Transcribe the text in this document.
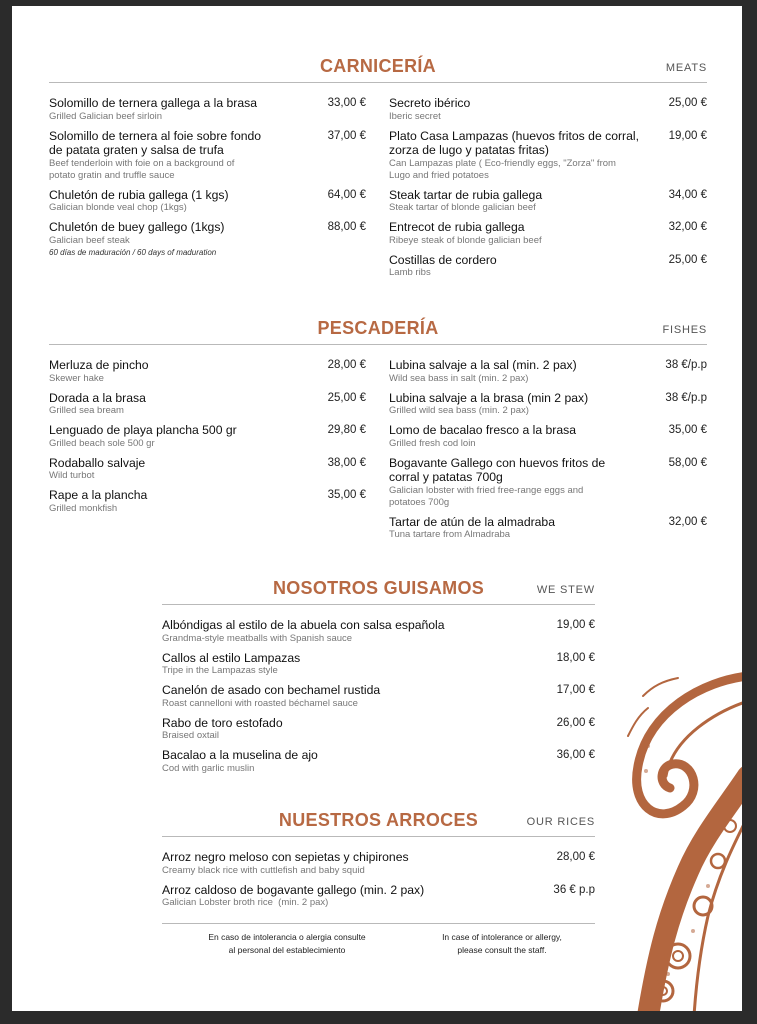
CARNICERÍA	MEATS
Solomillo de ternera gallega a la brasa
Grilled Galician beef sirloin
33,00 €
Solomillo de ternera al foie sobre fondo de patata graten y salsa de trufa
Beef tenderloin with foie on a background of potato gratin and truffle sauce
37,00 €
Chuletón de rubia gallega (1 kgs)
Galician blonde veal chop (1kgs)
64,00 €
Chuletón de buey gallego (1kgs)
Galician beef steak
60 días de maduración / 60 days of maduration
88,00 €
Secreto ibérico
Iberic secret
25,00 €
Plato Casa Lampazas (huevos fritos de corral, zorza de lugo y patatas fritas)
Can Lampazas plate ( Eco-friendly eggs, "Zorza" from Lugo and fried potatoes
19,00 €
Steak tartar de rubia gallega
Steak tartar of blonde galician beef
34,00 €
Entrecot de rubia gallega
Ribeye steak of blonde galician beef
32,00 €
Costillas de cordero
Lamb ribs
25,00 €
PESCADERÍA	FISHES
Merluza de pincho
Skewer hake
28,00 €
Dorada a la brasa
Grilled sea bream
25,00 €
Lenguado de playa plancha 500 gr
Grilled beach sole 500 gr
29,80 €
Rodaballo salvaje
Wild turbot
38,00 €
Rape a la plancha
Grilled monkfish
35,00 €
Lubina salvaje a la sal (min. 2 pax)
Wild sea bass in salt (min. 2 pax)
38 €/p.p
Lubina salvaje a la brasa (min 2 pax)
Grilled wild sea bass (min. 2 pax)
38 €/p.p
Lomo de bacalao fresco a la brasa
Grilled fresh cod loin
35,00 €
Bogavante Gallego con huevos fritos de corral y patatas 700g
Galician lobster with fried free-range eggs and potatoes 700g
58,00 €
Tartar de atún de la almadraba
Tuna tartare from Almadraba
32,00 €
NOSOTROS GUISAMOS	WE STEW
Albóndigas al estilo de la abuela con salsa española
Grandma-style meatballs with Spanish sauce
19,00 €
Callos al estilo Lampazas
Tripe in the Lampazas style
18,00 €
Canelón de asado con bechamel rustida
Roast cannelloni with roasted béchamel sauce
17,00 €
Rabo de toro estofado
Braised oxtail
26,00 €
Bacalao a la muselina de ajo
Cod with garlic muslin
36,00 €
NUESTROS ARROCES	OUR RICES
Arroz negro meloso con sepietas y chipirones
Creamy black rice with cuttlefish and baby squid
28,00 €
Arroz caldoso de bogavante gallego (min. 2 pax)
Galician Lobster broth rice  (min. 2 pax)
36 € p.p
En caso de intolerancia o alergia consulte
al personal del establecimiento
In case of intolerance or allergy,
please consult the staff.
